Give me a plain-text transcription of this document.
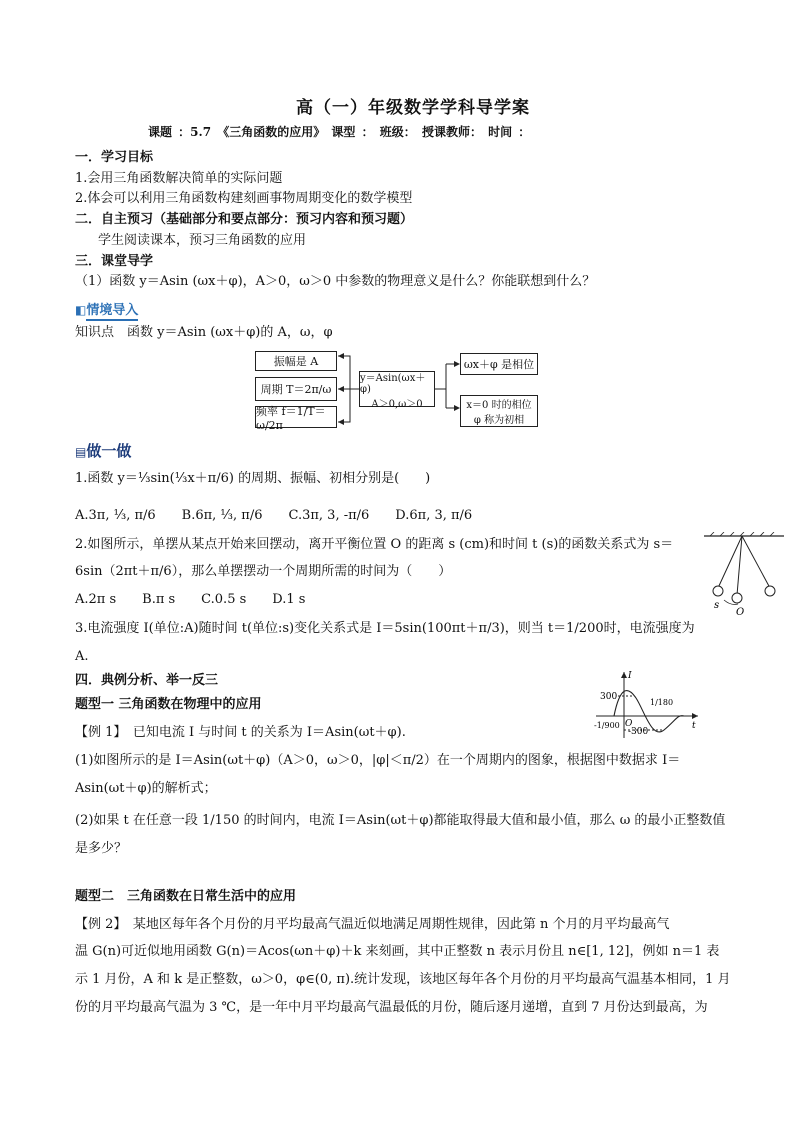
高（一）年级数学学科导学案
课题 ：5.7 《三角函数的应用》 课型 ： 班级： 授课教师： 时间 ：
一．学习目标
1.会用三角函数解决简单的实际问题
2.体会可以利用三角函数构建刻画事物周期变化的数学模型
二．自主预习（基础部分和要点部分：预习内容和预习题）
学生阅读课本，预习三角函数的应用
三．课堂导学
（1）函数 y＝Asin (ωx＋φ)，A＞0，ω＞0 中参数的物理意义是什么？你能联想到什么？
◧情境导入
知识点　函数 y＝Asin (ωx＋φ)的 A，ω，φ
振幅是 A
周期 T＝2π/ω
频率 f＝1/T＝ω/2π
y＝Asin(ωx＋φ)
A＞0,ω＞0
ωx＋φ 是相位
x＝0 时的相位
φ 称为初相
▤做一做
1.函数 y＝⅓sin(⅓x＋π/6) 的周期、振幅、初相分别是(　　)
A.3π, ⅓, π/6　　B.6π, ⅓, π/6　　C.3π, 3, -π/6　　D.6π, 3, π/6
2.如图所示，单摆从某点开始来回摆动，离开平衡位置 O 的距离 s (cm)和时间 t (s)的函数关系式为 s＝
6sin（2πt＋π/6），那么单摆摆动一个周期所需的时间为（　　）
A.2π s　　B.π s　　C.0.5 s　　D.1 s
3.电流强度 I(单位:A)随时间 t(单位:s)变化关系式是 I＝5sin(100πt＋π/3)，则当 t＝1/200时，电流强度为
A.
s
O
四．典例分析、举一反三
题型一 三角函数在物理中的应用
【例 1】　已知电流 I 与时间 t 的关系为 I＝Asin(ωt＋φ).
(1)如图所示的是 I＝Asin(ωt＋φ)（A＞0，ω＞0，|φ|＜π/2）在一个周期内的图象，根据图中数据求 I＝
Asin(ωt＋φ)的解析式；
(2)如果 t 在任意一段 1/150 的时间内，电流 I＝Asin(ωt＋φ)都能取得最大值和最小值，那么 ω 的最小正整数值
是多少？
I
t
O
300
-300
1/180
-1/900
题型二　三角函数在日常生活中的应用
【例 2】　某地区每年各个月份的月平均最高气温近似地满足周期性规律，因此第 n 个月的月平均最高气
温 G(n)可近似地用函数 G(n)＝Acos(ωn＋φ)＋k 来刻画，其中正整数 n 表示月份且 n∈[1, 12]，例如 n＝1 表
示 1 月份，A 和 k 是正整数，ω＞0，φ∈(0, π).统计发现，该地区每年各个月份的月平均最高气温基本相同，1 月
份的月平均最高气温为 3 ℃，是一年中月平均最高气温最低的月份，随后逐月递增，直到 7 月份达到最高，为
